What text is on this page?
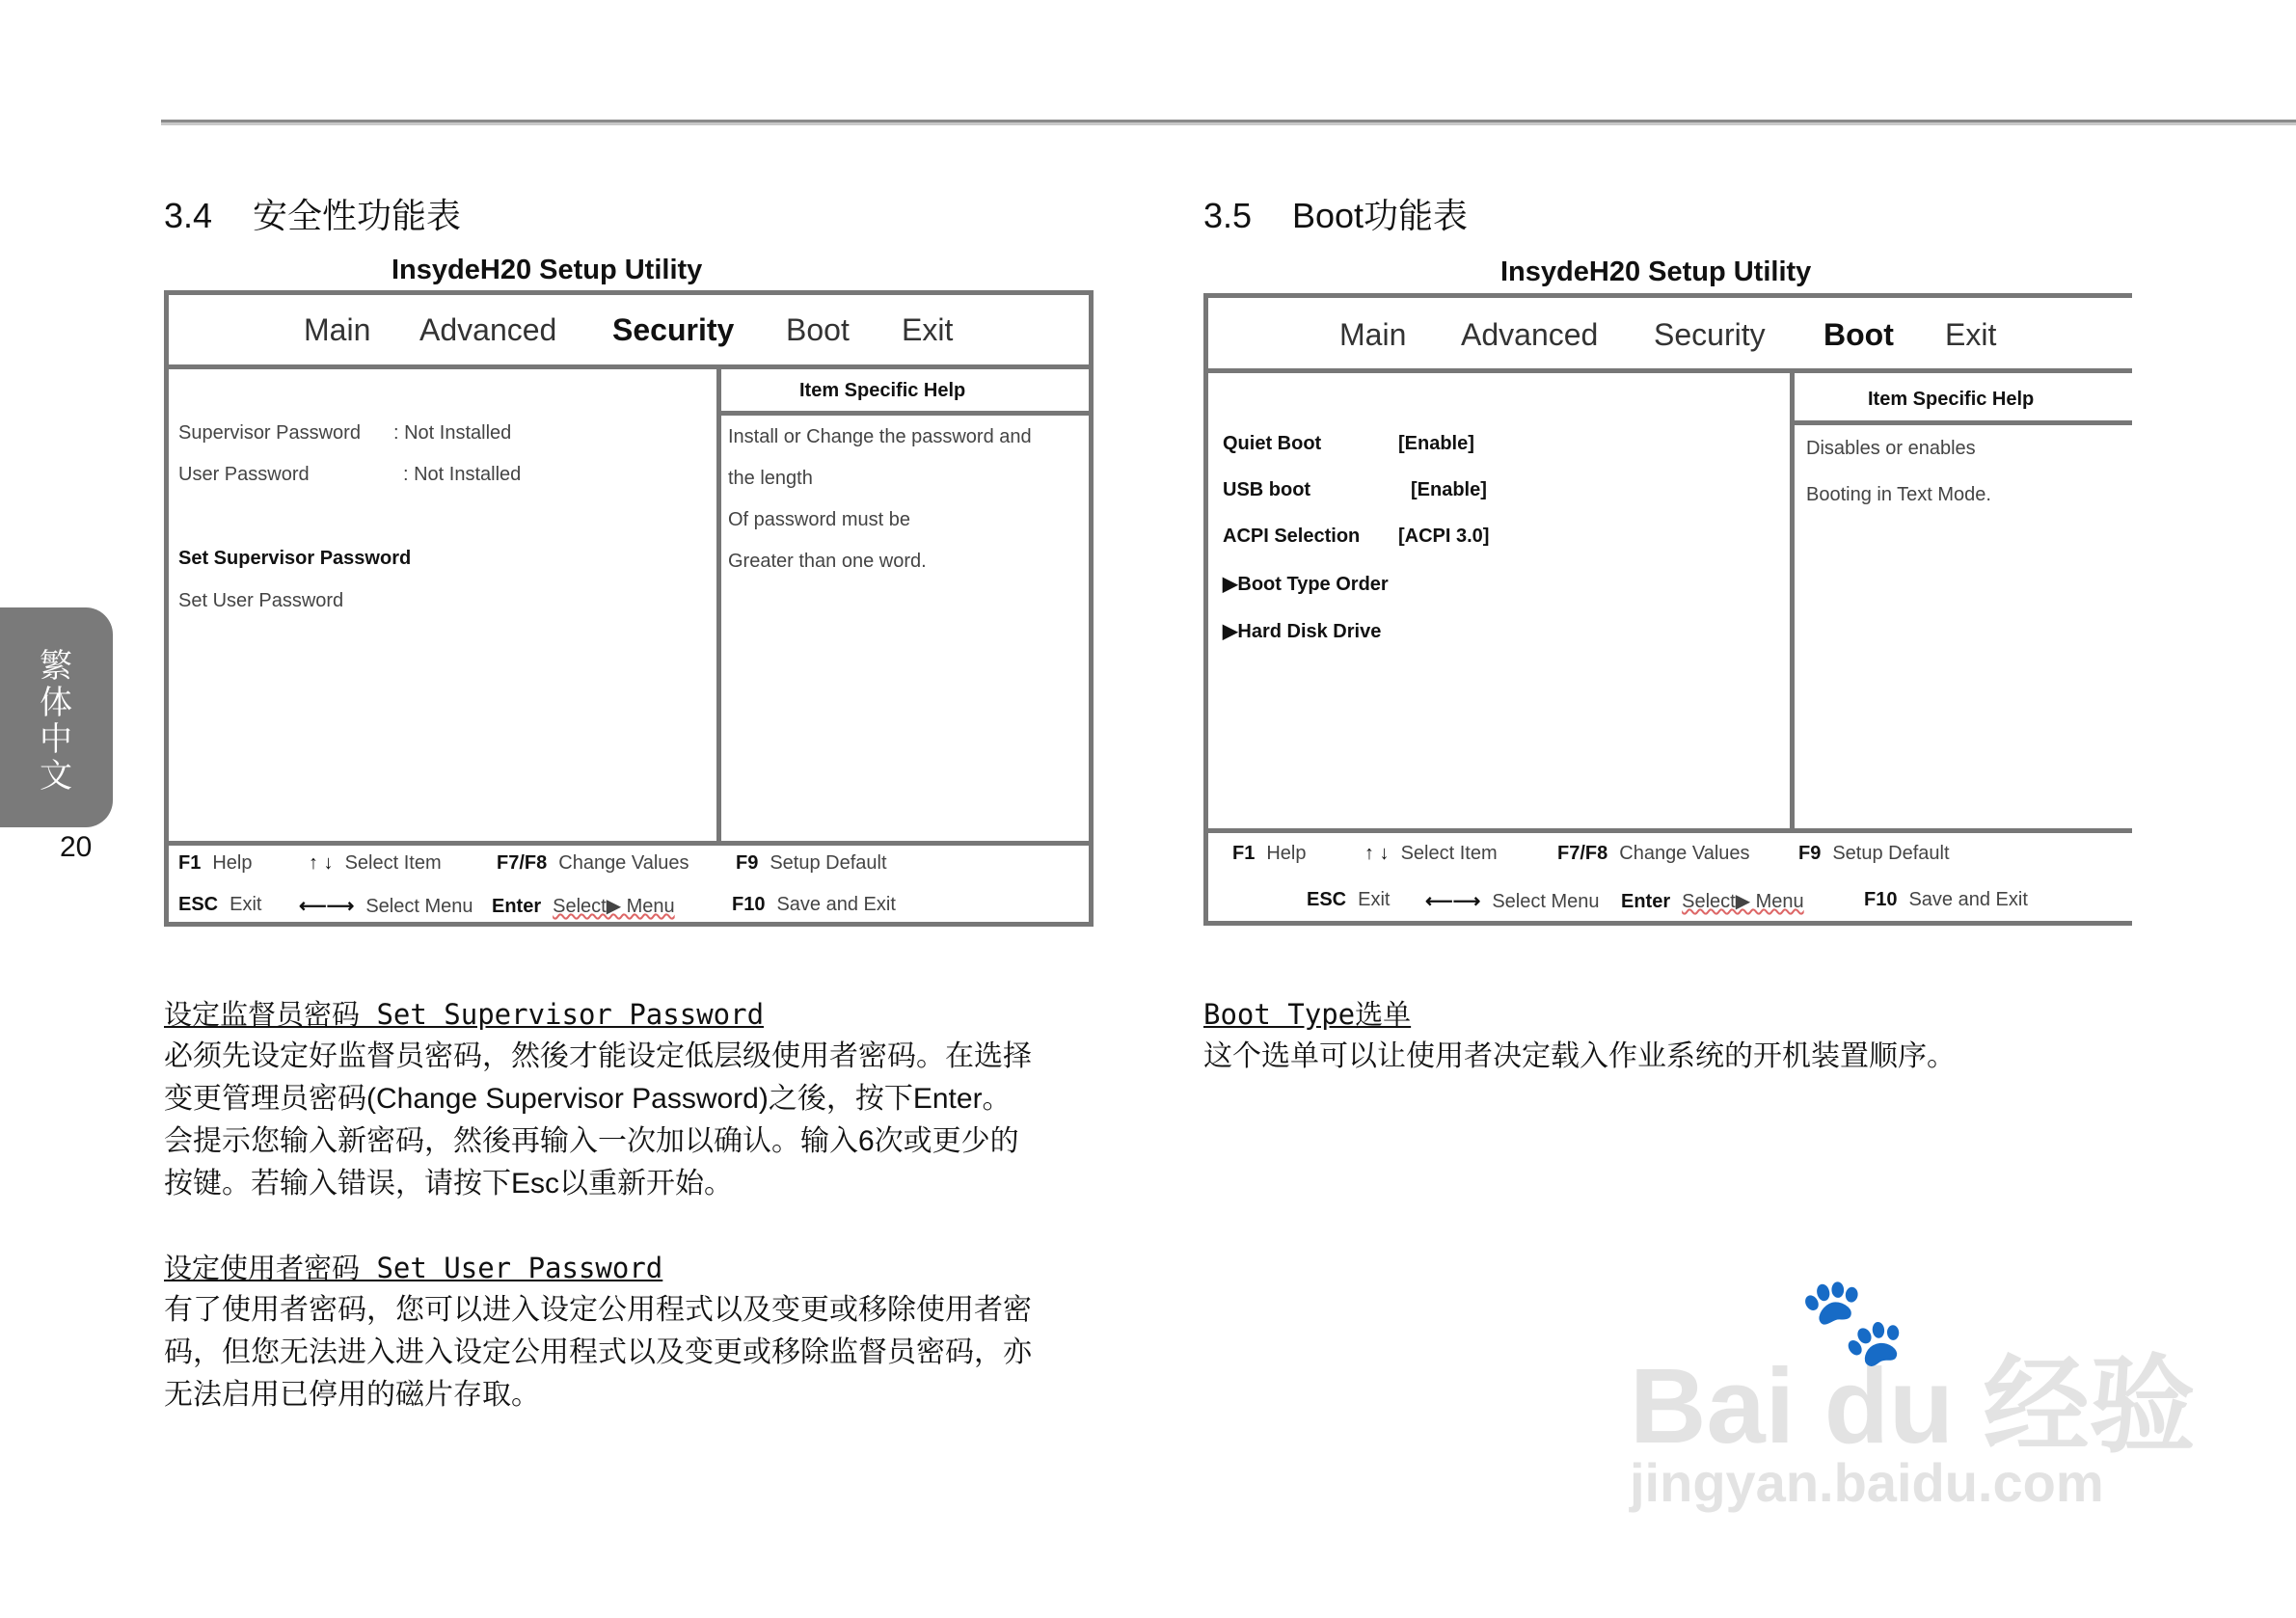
繁体中文
20
3.4 安全性功能表
InsydeH20 Setup Utility
Main Advanced Security Boot Exit
Item Specific Help
Supervisor Password : Not Installed
User Password	: Not Installed
Set Supervisor Password
Set User Password
Install or Change the password and
the length
Of password must be
Greater than one word.
F1 Help	↑ ↓ Select Item	F7/F8 Change Values F9 Setup Default
ESC Exit ⟵⟶ Select Menu Enter Select▶ Menu	F10 Save and Exit
设定监督员密码 Set Supervisor Password
必须先设定好监督员密码，然後才能设定低层级使用者密码。在选择
变更管理员密码(Change Supervisor Password)之後，按下Enter。
会提示您输入新密码，然後再输入一次加以确认。输入6次或更少的
按键。若输入错误，请按下Esc以重新开始。
设定使用者密码 Set User Password
有了使用者密码，您可以进入设定公用程式以及变更或移除使用者密
码，但您无法进入进入设定公用程式以及变更或移除监督员密码，亦
无法启用已停用的磁片存取。
3.5 Boot功能表
InsydeH20 Setup Utility
Main Advanced Security Boot Exit
Item Specific Help
Quiet Boot	[Enable]
USB boot	[Enable]
ACPI Selection [ACPI 3.0]
▶Boot Type Order
▶Hard Disk Drive
Disables or enables
Booting in Text Mode.
F1 Help	↑ ↓ Select Item	F7/F8 Change Values	F9 Setup Default
ESC Exit ⟵⟶ Select Menu Enter Select▶ Menu	F10 Save and Exit
Boot Type选单
这个选单可以让使用者决定载入作业系统的开机装置顺序。
Bai du 经验
🐾
jingyan.baidu.com
